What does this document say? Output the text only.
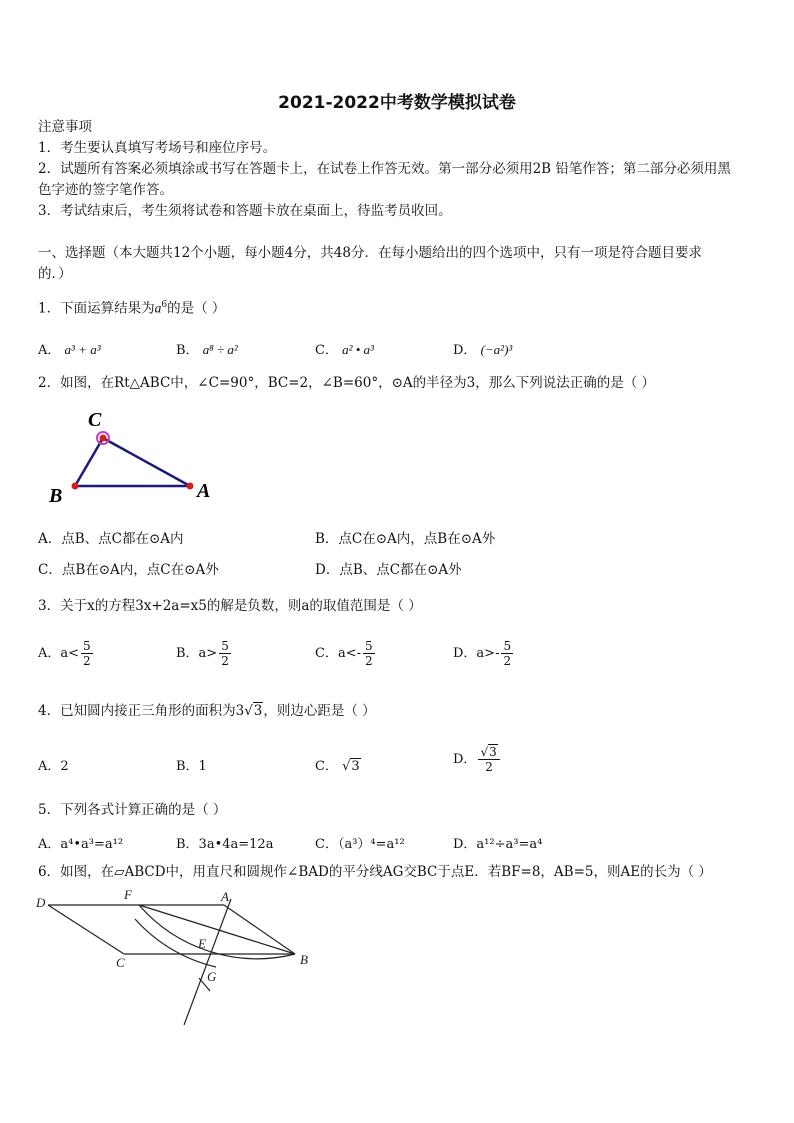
2021-2022中考数学模拟试卷
注意事项
1．考生要认真填写考场号和座位序号。
2．试题所有答案必须填涂或书写在答题卡上，在试卷上作答无效。第一部分必须用2B 铅笔作答；第二部分必须用黑
色字迹的签字笔作答。
3．考试结束后，考生须将试卷和答题卡放在桌面上，待监考员收回。
一、选择题（本大题共12个小题，每小题4分，共48分．在每小题给出的四个选项中，只有一项是符合题目要求
的．）
1．下面运算结果为$a^6$的是（ ）
A． a³ + a³	B． a⁸ ÷ a²	C． a² • a³	D． (−a²)³
2．如图，在Rt△ABC中，∠C=90°，BC=2，∠B=60°，⊙A的半径为3，那么下列说法正确的是（ ）
C
B	A
A．点B、点C都在⊙A内	B．点C在⊙A内，点B在⊙A外
C．点B在⊙A内，点C在⊙A外	D．点B、点C都在⊙A外
3．关于x的方程3x+2a=x5的解是负数，则a的取值范围是（ ）
A．$a< \frac{5}{2}$	B．$a> \frac{5}{2}$	C．$a<- \frac{5}{2}$	D．$a>- \frac{5}{2}$
4．已知圆内接正三角形的面积为3√3，则边心距是（ ）
A．2	B．1	C． √3	D． $\frac{√3}{2}$
5．下列各式计算正确的是（ ）
A．a⁴•a³=a¹²	B．3a•4a=12a	C．（a³）⁴=a¹²	D．a¹²÷a³=a⁴
6．如图，在▱ABCD中，用直尺和圆规作∠BAD的平分线AG交BC于点E．若BF=8，AB=5，则AE的长为（ ）
D
F	A
E
C	B
G
